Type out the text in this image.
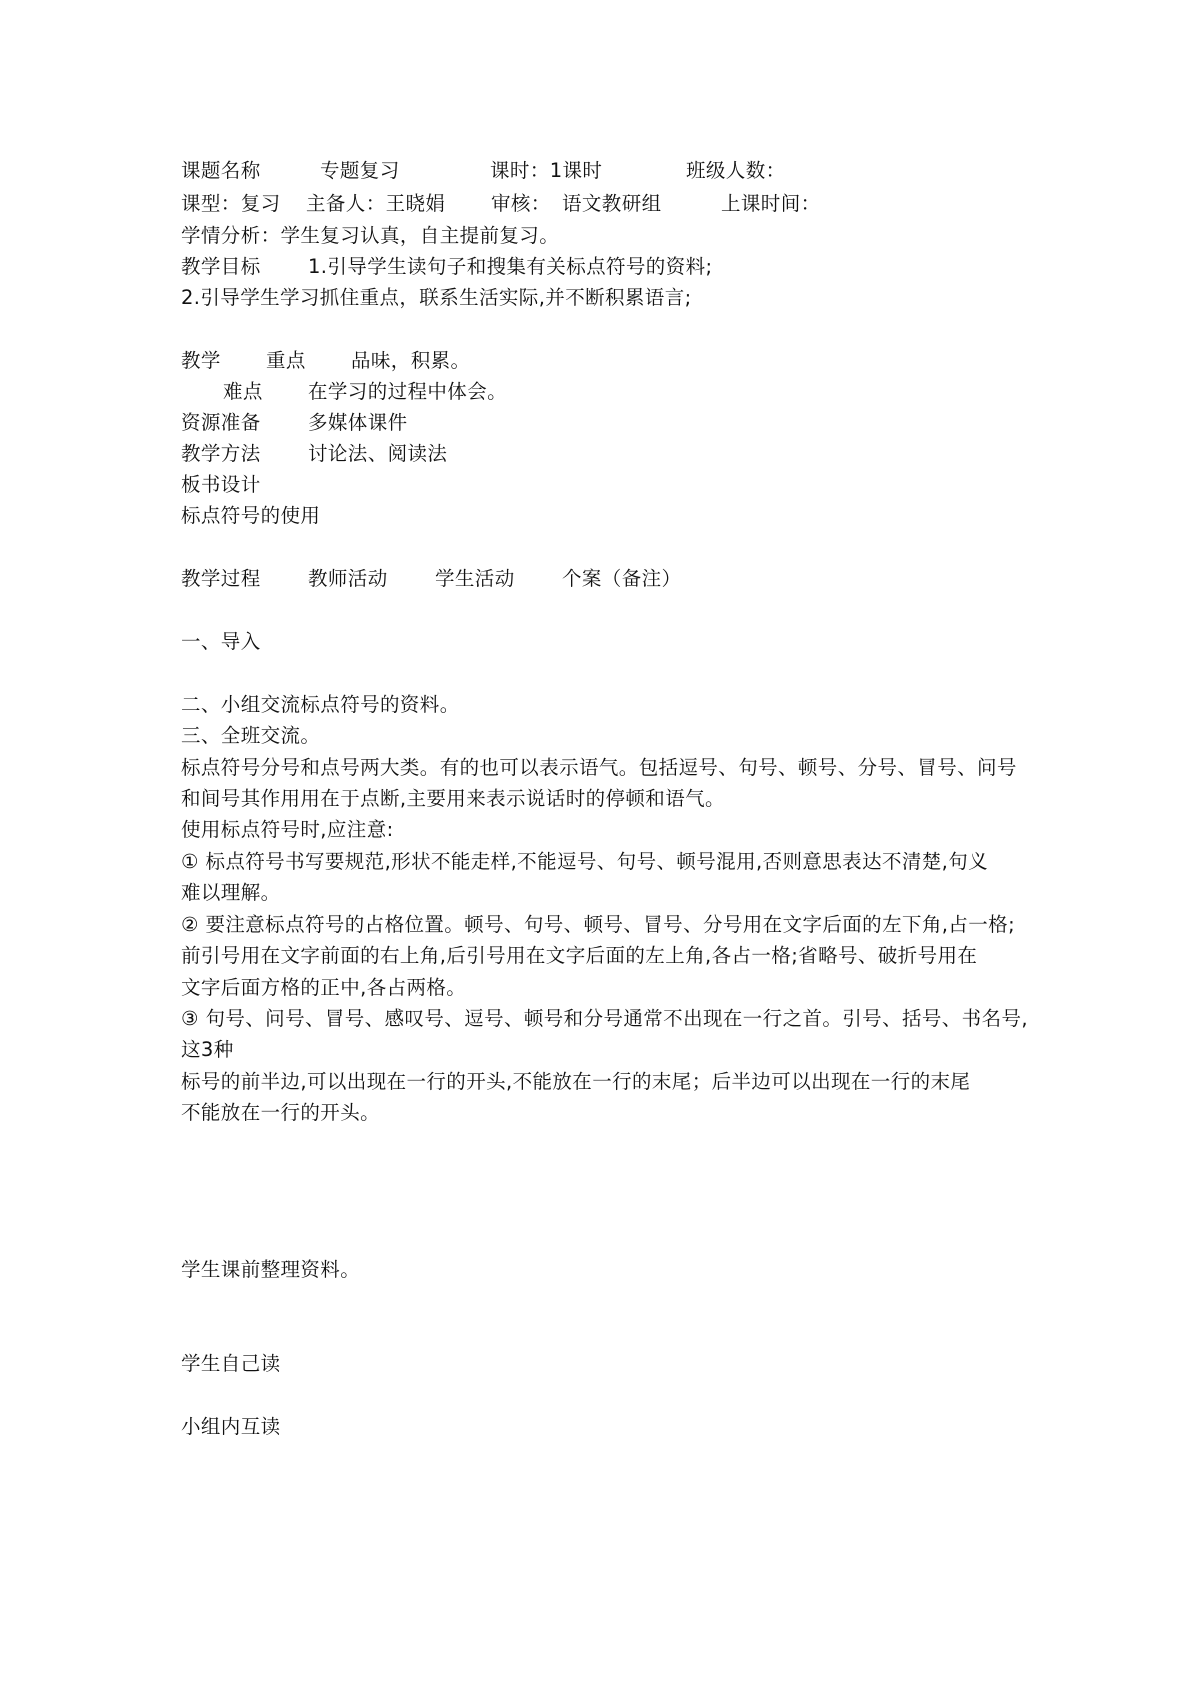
课题名称	专题复习	课时：1课时	班级人数：
课型：复习 主备人：王晓娟 审核： 语文教研组	上课时间：
学情分析：学生复习认真，自主提前复习。
教学目标 1.引导学生读句子和搜集有关标点符号的资料;
2.引导学生学习抓住重点，联系生活实际,并不断积累语言;
教学 重点 品味，积累。
难点 在学习的过程中体会。
资源准备 多媒体课件
教学方法 讨论法、阅读法
板书设计
标点符号的使用
教学过程 教师活动 学生活动 个案（备注）
一、导入
二、小组交流标点符号的资料。
三、全班交流。
标点符号分号和点号两大类。有的也可以表示语气。包括逗号、句号、顿号、分号、冒号、问号
和间号其作用用在于点断,主要用来表示说话时的停顿和语气。
使用标点符号时,应注意:
① 标点符号书写要规范,形状不能走样,不能逗号、句号、顿号混用,否则意思表达不清楚,句义
难以理解。
② 要注意标点符号的占格位置。顿号、句号、顿号、冒号、分号用在文字后面的左下角,占一格;
前引号用在文字前面的右上角,后引号用在文字后面的左上角,各占一格;省略号、破折号用在
文字后面方格的正中,各占两格。
③ 句号、问号、冒号、感叹号、逗号、顿号和分号通常不出现在一行之首。引号、括号、书名号,
这3种
标号的前半边,可以出现在一行的开头,不能放在一行的末尾；后半边可以出现在一行的末尾
不能放在一行的开头。
学生课前整理资料。
学生自己读
小组内互读
